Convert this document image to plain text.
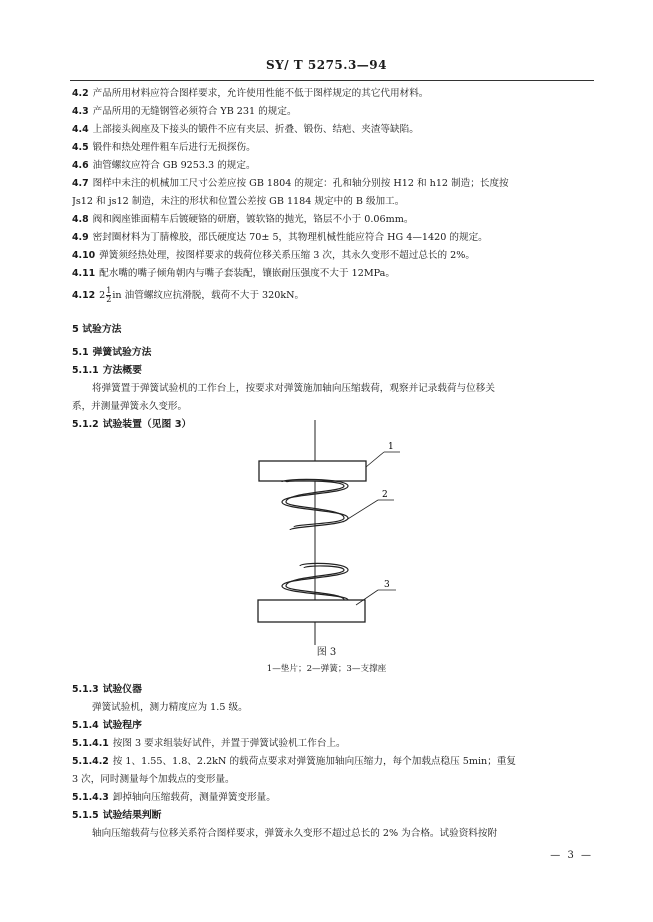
SY/ T 5275.3—94
4.2 产品所用材料应符合图样要求，允许使用性能不低于图样规定的其它代用材料。
4.3 产品所用的无缝钢管必须符合 YB 231 的规定。
4.4 上部接头阀座及下接头的锻件不应有夹层、折叠、锻伤、结疤、夹渣等缺陷。
4.5 锻件和热处理件粗车后进行无损探伤。
4.6 油管螺纹应符合 GB 9253.3 的规定。
4.7 图样中未注的机械加工尺寸公差应按 GB 1804 的规定：孔和轴分别按 H12 和 h12 制造；长度按
Js12 和 js12 制造，未注的形状和位置公差按 GB 1184 规定中的 B 级加工。
4.8 阀和阀座锥面精车后镀硬铬的研磨，镀软铬的抛光，铬层不小于 0.06mm。
4.9 密封圈材料为丁腈橡胶，邵氏硬度达 70± 5，其物理机械性能应符合 HG 4—1420 的规定。
4.10 弹簧须经热处理，按图样要求的载荷位移关系压缩 3 次，其永久变形不超过总长的 2%。
4.11 配水嘴的嘴子倾角朝内与嘴子套装配，镶嵌耐压强度不大于 12MPa。
4.12 $2 \frac{1}{2}$ in 油管螺纹应抗滑脱，载荷不大于 320kN。
5 试验方法
5.1 弹簧试验方法
5.1.1 方法概要
将弹簧置于弹簧试验机的工作台上，按要求对弹簧施加轴向压缩载荷，观察并记录载荷与位移关
系，并测量弹簧永久变形。
5.1.2 试验装置（见图 3）
1
2
3
图 3
1—垫片；2—弹簧；3—支撑座
5.1.3 试验仪器
弹簧试验机，测力精度应为 1.5 级。
5.1.4 试验程序
5.1.4.1 按图 3 要求组装好试件，并置于弹簧试验机工作台上。
5.1.4.2 按 1、1.55、1.8、2.2kN 的载荷点要求对弹簧施加轴向压缩力，每个加载点稳压 5min；重复
3 次，同时测量每个加载点的变形量。
5.1.4.3 卸掉轴向压缩载荷，测量弹簧变形量。
5.1.5 试验结果判断
轴向压缩载荷与位移关系符合图样要求，弹簧永久变形不超过总长的 2% 为合格。试验资料按附
— 3 —
